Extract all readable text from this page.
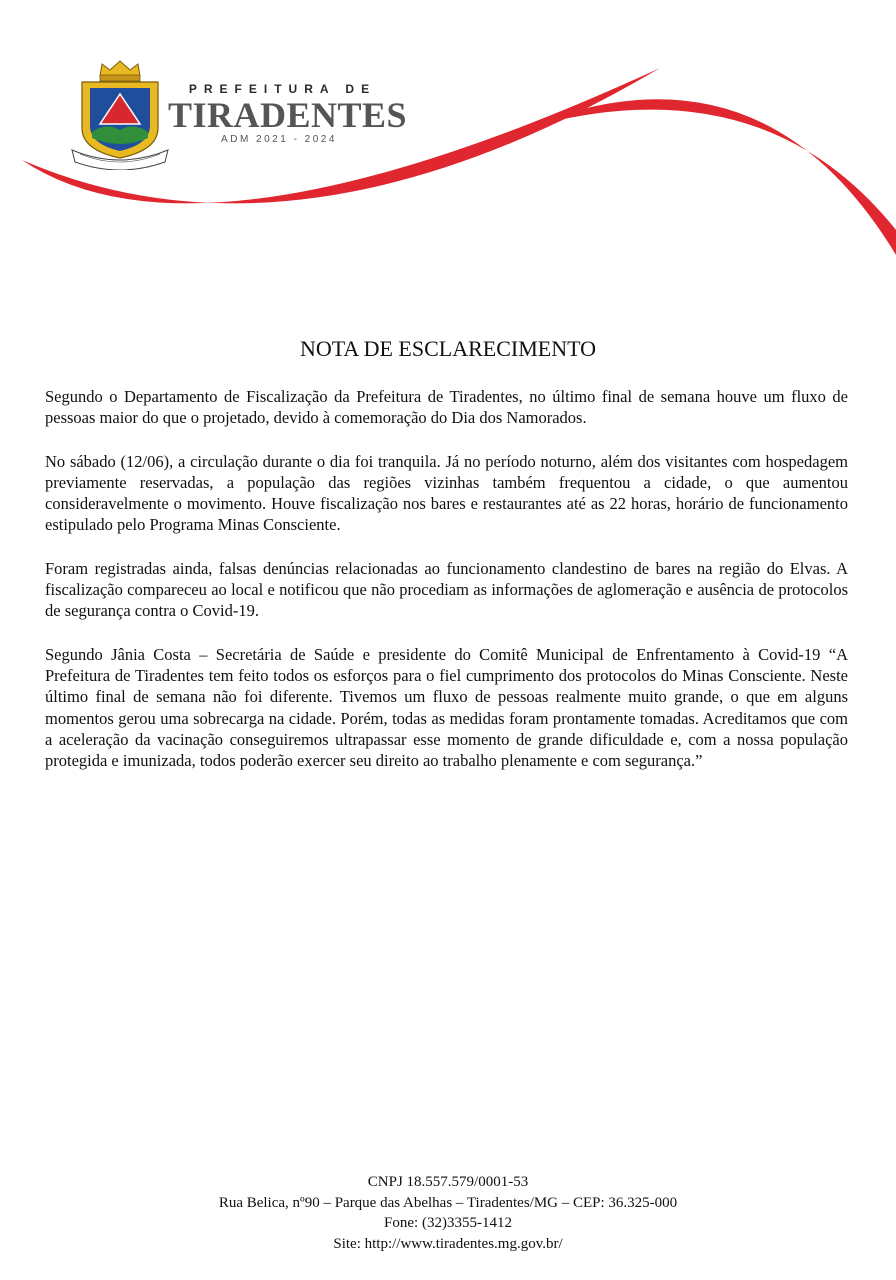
PREFEITURA DE
TIRADENTES
ADM 2021 - 2024
NOTA DE ESCLARECIMENTO

Segundo o Departamento de Fiscalização da Prefeitura de Tiradentes, no último final de semana houve um fluxo de pessoas maior do que o projetado, devido à comemoração do Dia dos Namorados.

No sábado (12/06), a circulação durante o dia foi tranquila. Já no período noturno, além dos visitantes com hospedagem previamente reservadas, a população das regiões vizinhas também frequentou a cidade, o que aumentou consideravelmente o movimento. Houve fiscalização nos bares e restaurantes até as 22 horas, horário de funcionamento estipulado pelo Programa Minas Consciente.

Foram registradas ainda, falsas denúncias relacionadas ao funcionamento clandestino de bares na região do Elvas. A fiscalização compareceu ao local e notificou que não procediam as informações de aglomeração e ausência de protocolos de segurança contra o Covid-19.

Segundo Jânia Costa – Secretária de Saúde e presidente do Comitê Municipal de Enfrentamento à Covid-19 “A Prefeitura de Tiradentes tem feito todos os esforços para o fiel cumprimento dos protocolos do Minas Consciente. Neste último final de semana não foi diferente. Tivemos um fluxo de pessoas realmente muito grande, o que em alguns momentos gerou uma sobrecarga na cidade. Porém, todas as medidas foram prontamente tomadas. Acreditamos que com a aceleração da vacinação conseguiremos ultrapassar esse momento de grande dificuldade e, com a nossa população protegida e imunizada, todos poderão exercer seu direito ao trabalho plenamente e com segurança.”

CNPJ 18.557.579/0001-53
Rua Belica, nº90 – Parque das Abelhas – Tiradentes/MG – CEP: 36.325-000
Fone: (32)3355-1412
Site: http://www.tiradentes.mg.gov.br/
